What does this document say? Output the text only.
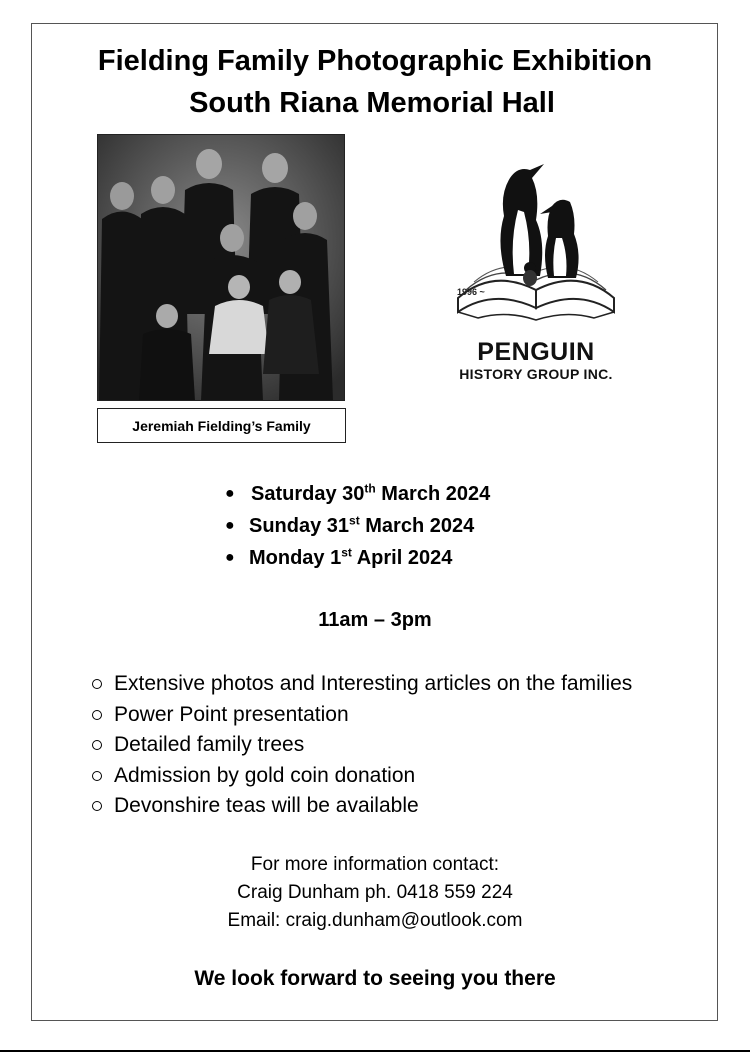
Fielding Family Photographic Exhibition
South Riana Memorial Hall
Jeremiah Fielding’s Family
1996 ~
PENGUIN
HISTORY GROUP INC.
● Saturday 30th March 2024
● Sunday 31st March 2024
● Monday 1st April 2024
11am – 3pm
Extensive photos and Interesting articles on the families
Power Point presentation
Detailed family trees
Admission by gold coin donation
Devonshire teas will be available
For more information contact:
Craig Dunham ph. 0418 559 224
Email: craig.dunham@outlook.com
We look forward to seeing you there
